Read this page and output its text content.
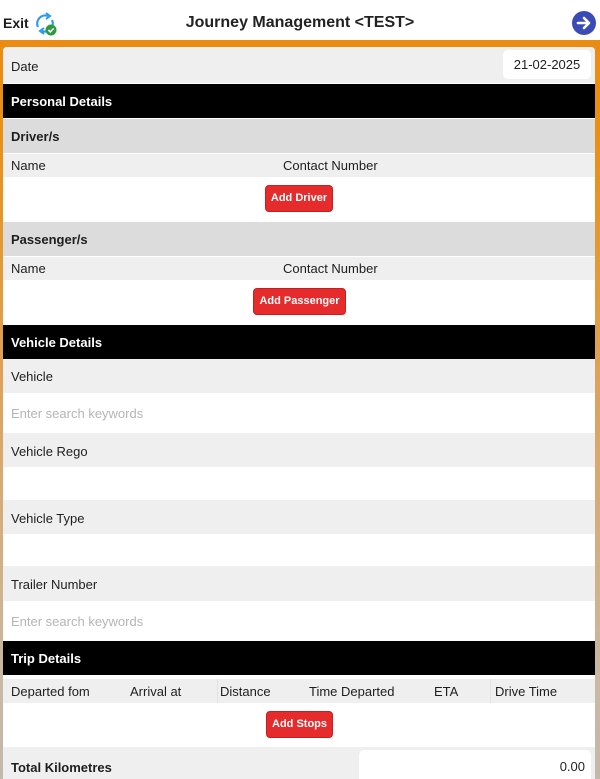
Exit	Journey Management <TEST>
Date	21-02-2025
Personal Details
Driver/s
Name	Contact Number
Add Driver
Passenger/s
Name	Contact Number
Add Passenger
Vehicle Details
Vehicle
Enter search keywords
Vehicle Rego
Vehicle Type
Trailer Number
Enter search keywords
Trip Details
Departed fom	Arrival at	Distance	Time Departed	ETA	Drive Time
Add Stops
Total Kilometres	0.00
